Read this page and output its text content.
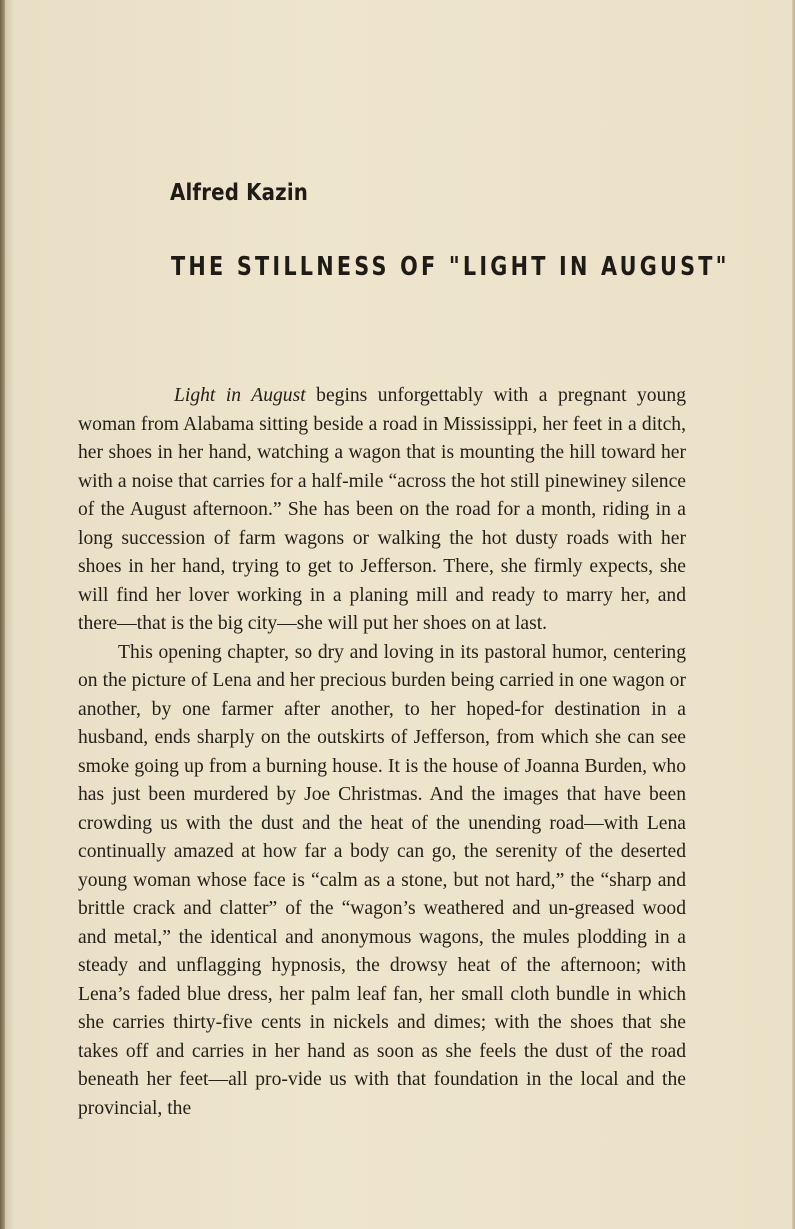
Alfred Kazin
THE STILLNESS OF "LIGHT IN AUGUST"

Light in August begins unforgettably with a pregnant young woman from Alabama sitting beside a road in Mississippi, her feet in a ditch, her shoes in her hand, watching a wagon that is mounting the hill toward her with a noise that carries for a half-mile “across the hot still pinewiney silence of the August afternoon.” She has been on the road for a month, riding in a long succession of farm wagons or walking the hot dusty roads with her shoes in her hand, trying to get to Jefferson. There, she firmly expects, she will find her lover working in a planing mill and ready to marry her, and there—that is the big city—she will put her shoes on at last.

This opening chapter, so dry and loving in its pastoral humor, centering on the picture of Lena and her precious burden being carried in one wagon or another, by one farmer after another, to her hoped-for destination in a husband, ends sharply on the outskirts of Jefferson, from which she can see smoke going up from a burning house. It is the house of Joanna Burden, who has just been murdered by Joe Christmas. And the images that have been crowding us with the dust and the heat of the unending road—with Lena continually amazed at how far a body can go, the serenity of the deserted young woman whose face is “calm as a stone, but not hard,” the “sharp and brittle crack and clatter” of the “wagon’s weathered and un-greased wood and metal,” the identical and anonymous wagons, the mules plodding in a steady and unflagging hypnosis, the drowsy heat of the afternoon; with Lena’s faded blue dress, her palm leaf fan, her small cloth bundle in which she carries thirty-five cents in nickels and dimes; with the shoes that she takes off and carries in her hand as soon as she feels the dust of the road beneath her feet—all pro-vide us with that foundation in the local and the provincial, the
